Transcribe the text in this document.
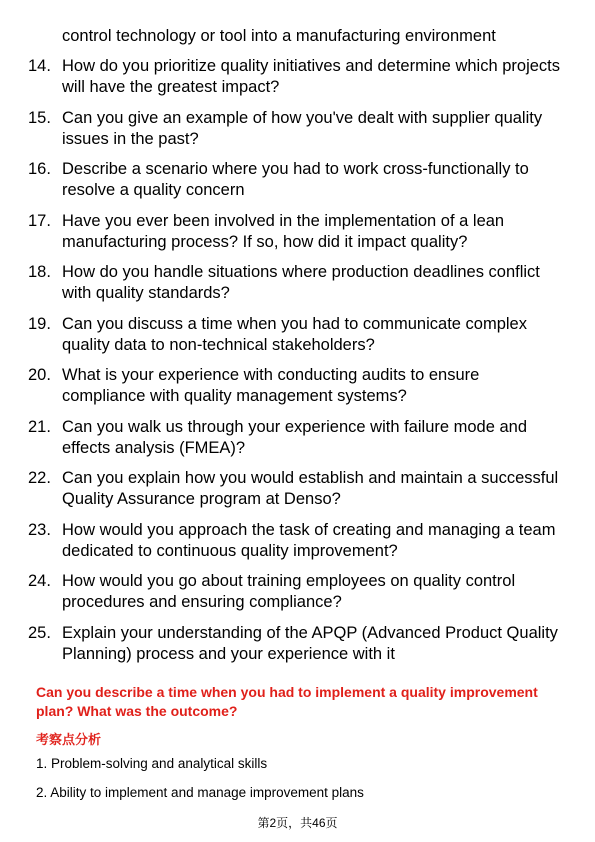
control technology or tool into a manufacturing environment
14. How do you prioritize quality initiatives and determine which projects will have the greatest impact?
15. Can you give an example of how you've dealt with supplier quality issues in the past?
16. Describe a scenario where you had to work cross-functionally to resolve a quality concern
17. Have you ever been involved in the implementation of a lean manufacturing process? If so, how did it impact quality?
18. How do you handle situations where production deadlines conflict with quality standards?
19. Can you discuss a time when you had to communicate complex quality data to non-technical stakeholders?
20. What is your experience with conducting audits to ensure compliance with quality management systems?
21. Can you walk us through your experience with failure mode and effects analysis (FMEA)?
22. Can you explain how you would establish and maintain a successful Quality Assurance program at Denso?
23. How would you approach the task of creating and managing a team dedicated to continuous quality improvement?
24. How would you go about training employees on quality control procedures and ensuring compliance?
25. Explain your understanding of the APQP (Advanced Product Quality Planning) process and your experience with it
Can you describe a time when you had to implement a quality improvement plan? What was the outcome?
考察点分析
1. Problem-solving and analytical skills
2. Ability to implement and manage improvement plans
第2页，共46页
